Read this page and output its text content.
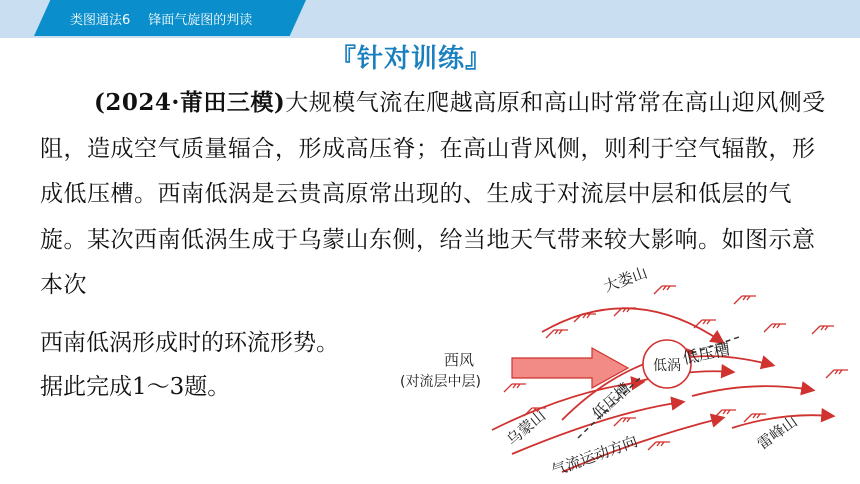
类图通法6 锋面气旋图的判读
『针对训练』
(2024·莆田三模)大规模气流在爬越高原和高山时常常在高山迎风侧受阻，造成空气质量辐合，形成高压脊；在高山背风侧，则利于空气辐散，形成低压槽。西南低涡是云贵高原常出现的、生成于对流层中层和低层的气旋。某次西南低涡生成于乌蒙山东侧，给当地天气带来较大影响。如图示意本次
西南低涡形成时的环流形势。
据此完成1～3题。
西风
(对流层中层)
低涡 低压槽
低压槽
大娄山
乌蒙山	雷峰山
气流运动方向
